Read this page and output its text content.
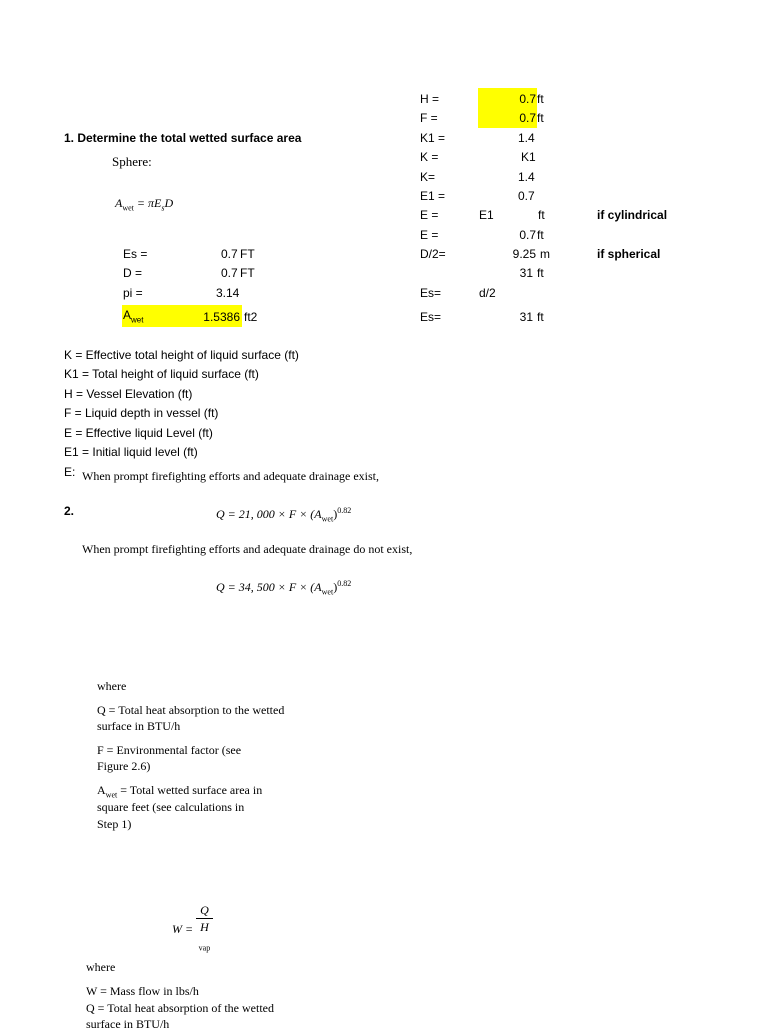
H =	0.7 ft
F =	0.7 ft
K1 =	1.4
K =	K1
K=	1.4
E1 =	0.7
E =	E1	ft	if cylindrical
E =	0.7 ft
D/2=	9.25 m	if spherical
31 ft
Es=	d/2
Es=	31 ft
1. Determine the total wetted surface area
Sphere:
$A_{wet} = \pi E_sD$
Es =	0.7 FT
D =	0.7 FT
pi =	3.14
$A_{wet}$	1.5386 ft2
K = Effective total height of liquid surface (ft)
K1 = Total height of liquid surface (ft)
H = Vessel Elevation (ft)
F = Liquid depth in vessel (ft)
E = Effective liquid Level (ft)
E1 = Initial liquid level (ft)
E: When prompt firefighting efforts and adequate drainage exist,
2.	Q = 21, $000 \times F \times (A_{wet})^{0.82}$
When prompt firefighting efforts and adequate drainage do not exist,
Q = 34, $500 \times F \times (A_{wet})^{0.82}$
where
Q = Total heat absorption to the wetted
surface in BTU/h
F = Environmental factor (see
Figure 2.6)
$A_{wet}$ = Total wetted surface area in
square feet (see calculations in
Step 1)
W = Q
H
$_{vap}$
where
W = Mass flow in lbs/h
Q = Total heat absorption of the wetted
surface in BTU/h
